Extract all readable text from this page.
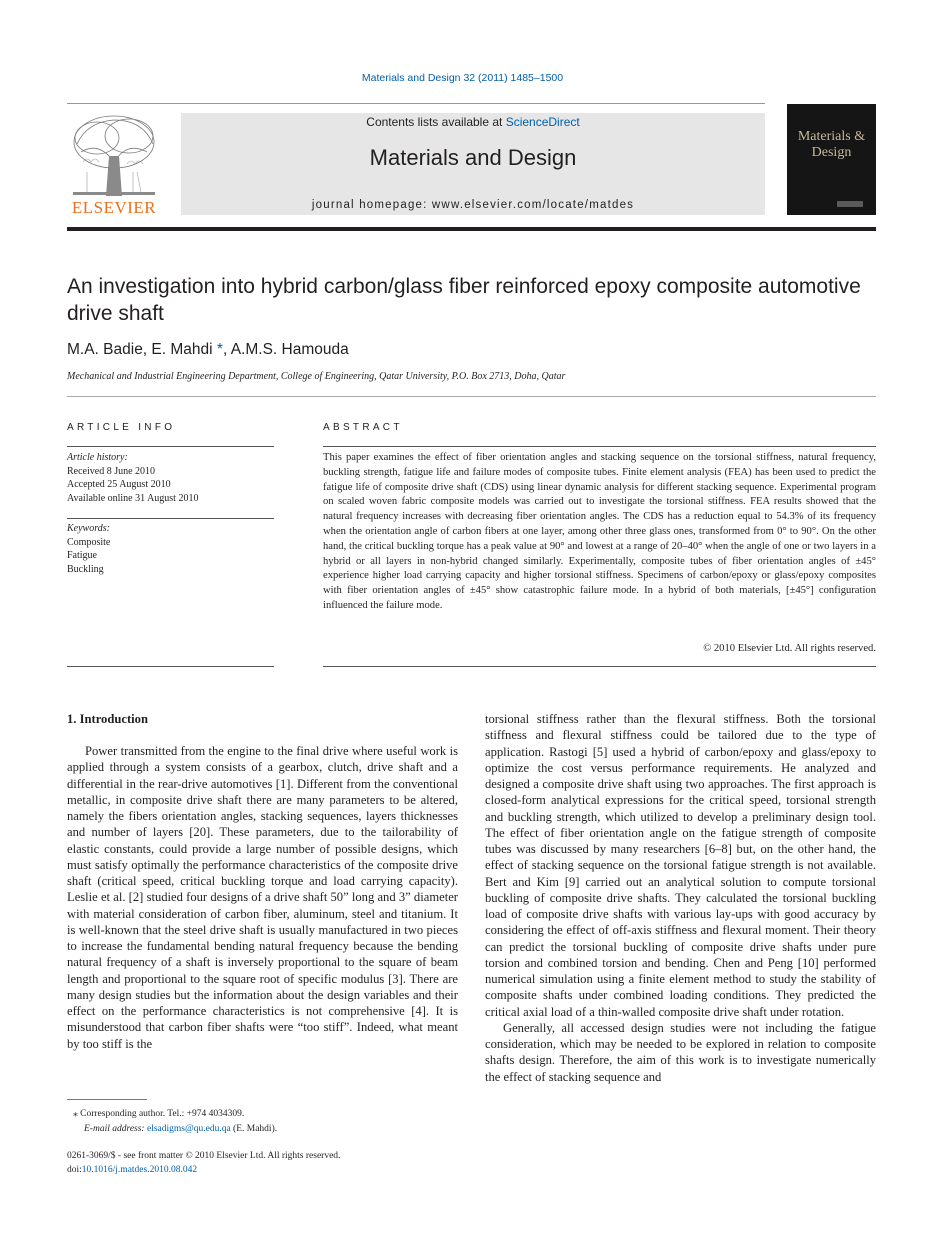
Materials and Design 32 (2011) 1485–1500
ELSEVIER
Contents lists available at ScienceDirect
Materials and Design
journal homepage: www.elsevier.com/locate/matdes
Materials & Design
An investigation into hybrid carbon/glass fiber reinforced epoxy composite automotive drive shaft
M.A. Badie, E. Mahdi *, A.M.S. Hamouda
Mechanical and Industrial Engineering Department, College of Engineering, Qatar University, P.O. Box 2713, Doha, Qatar
ARTICLE INFO	ABSTRACT
Article history:
Received 8 June 2010
Accepted 25 August 2010
Available online 31 August 2010
Keywords:
Composite
Fatigue
Buckling

This paper examines the effect of fiber orientation angles and stacking sequence on the torsional stiffness, natural frequency, buckling strength, fatigue life and failure modes of composite tubes. Finite element analysis (FEA) has been used to predict the fatigue life of composite drive shaft (CDS) using linear dynamic analysis for different stacking sequence. Experimental program on scaled woven fabric composite models was carried out to investigate the torsional stiffness. FEA results showed that the natural frequency increases with decreasing fiber orientation angles. The CDS has a reduction equal to 54.3% of its frequency when the orientation angle of carbon fibers at one layer, among other three glass ones, transformed from 0° to 90°. On the other hand, the critical buckling torque has a peak value at 90° and lowest at a range of 20–40° when the angle of one or two layers in a hybrid or all layers in non-hybrid changed similarly. Experimentally, composite tubes of fiber orientation angles of ±45° experience higher load carrying capacity and higher torsional stiffness. Specimens of carbon/epoxy or glass/epoxy composites with fiber orientation angles of ±45° show catastrophic failure mode. In a hybrid of both materials, [±45°] configuration influenced the failure mode.

© 2010 Elsevier Ltd. All rights reserved.
1. Introduction

Power transmitted from the engine to the final drive where useful work is applied through a system consists of a gearbox, clutch, drive shaft and a differential in the rear-drive automotives [1]. Different from the conventional metallic, in composite drive shaft there are many parameters to be altered, namely the fibers orientation angles, stacking sequences, layers thicknesses and number of layers [20]. These parameters, due to the tailorability of elastic constants, could provide a large number of possible designs, which must satisfy optimally the performance characteristics of the composite drive shaft (critical speed, critical buckling torque and load carrying capacity). Leslie et al. [2] studied four designs of a drive shaft 50” long and 3” diameter with material consideration of carbon fiber, aluminum, steel and titanium. It is well-known that the steel drive shaft is usually manufactured in two pieces to increase the fundamental bending natural frequency because the bending natural frequency of a shaft is inversely proportional to the square of beam length and proportional to the square root of specific modulus [3]. There are many design studies but the information about the design variables and their effect on the performance characteristics is not comprehensive [4]. It is misunderstood that carbon fiber shafts were “too stiff”. Indeed, what meant by too stiff is the

torsional stiffness rather than the flexural stiffness. Both the torsional stiffness and flexural stiffness could be tailored due to the type of application. Rastogi [5] used a hybrid of carbon/epoxy and glass/epoxy to optimize the cost versus performance requirements. He analyzed and designed a composite drive shaft using two approaches. The first approach is closed-form analytical expressions for the critical speed, torsional strength and buckling strength, which utilized to develop a preliminary design tool. The effect of fiber orientation angle on the fatigue strength of composite tubes was discussed by many researchers [6–8] but, on the other hand, the effect of stacking sequence on the torsional fatigue strength is not available. Bert and Kim [9] carried out an analytical solution to compute torsional buckling of composite drive shafts. They calculated the torsional buckling load of composite drive shafts with various lay-ups with good accuracy by considering the effect of off-axis stiffness and flexural moment. Their theory can predict the torsional buckling of composite drive shafts under pure torsion and combined torsion and bending. Chen and Peng [10] performed numerical simulation using a finite element method to study the stability of composite shafts under combined loading conditions. They predicted the critical axial load of a thin-walled composite drive shaft under rotation.

Generally, all accessed design studies were not including the fatigue consideration, which may be needed to be explored in relation to composite shafts design. Therefore, the aim of this work is to investigate numerically the effect of stacking sequence and

⁎ Corresponding author. Tel.: +974 4034309.
E-mail address: elsadigms@qu.edu.qa (E. Mahdi).
0261-3069/$ - see front matter © 2010 Elsevier Ltd. All rights reserved.
doi:10.1016/j.matdes.2010.08.042
